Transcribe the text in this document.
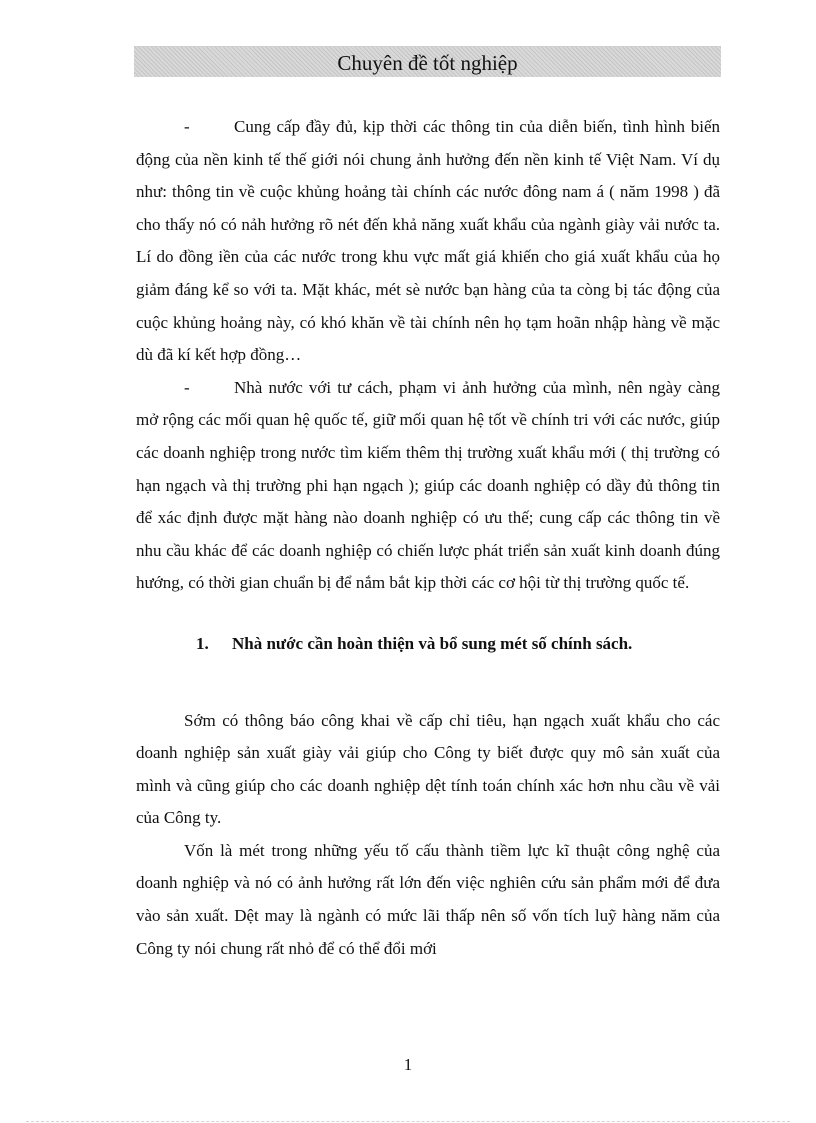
Chuyên đề tốt nghiệp

-	Cung cấp đầy đủ, kịp thời các thông tin của diễn biến, tình hình biến động của nền kinh tế thế giới nói chung ảnh hưởng đến nền kinh tế Việt Nam. Ví dụ như: thông tin về cuộc khủng hoảng tài chính các nước đông nam á ( năm 1998 ) đã cho thấy nó có nảh hưởng rõ nét đến khả năng xuất khẩu của ngành giày vải nước ta. Lí do đồng iền của các nước trong khu vực mất giá khiến cho giá xuất khẩu của họ giảm đáng kể so với ta. Mặt khác, mét sè nước bạn hàng của ta còng bị tác động của cuộc khủng hoảng này, có khó khăn về tài chính nên họ tạm hoãn nhập hàng về mặc dù đã kí kết hợp đồng…

-	Nhà nước với tư cách, phạm vi ảnh hưởng của mình, nên ngày càng mở rộng các mối quan hệ quốc tế, giữ mối quan hệ tốt về chính tri với các nước, giúp các doanh nghiệp trong nước tìm kiếm thêm thị trường xuất khẩu mới ( thị trường có hạn ngạch và thị trường phi hạn ngạch ); giúp các doanh nghiệp có dầy đủ thông tin để xác định được mặt hàng nào doanh nghiệp có ưu thế; cung cấp các thông tin về nhu cầu khác để các doanh nghiệp có chiến lược phát triển sản xuất kinh doanh đúng hướng, có thời gian chuẩn bị để nắm bắt kịp thời các cơ hội từ thị trường quốc tế.

1. Nhà nước cần hoàn thiện và bổ sung mét số chính sách.

Sớm có thông báo công khai về cấp chỉ tiêu, hạn ngạch xuất khẩu cho các doanh nghiệp sản xuất giày vải giúp cho Công ty biết được quy mô sản xuất của mình và cũng giúp cho các doanh nghiệp dệt tính toán chính xác hơn nhu cầu về vải của Công ty.

Vốn là mét trong những yếu tố cấu thành tiềm lực kĩ thuật công nghệ của doanh nghiệp và nó có ảnh hưởng rất lớn đến việc nghiên cứu sản phẩm mới để đưa vào sản xuất. Dệt may là ngành có mức lãi thấp nên số vốn tích luỹ hàng năm của Công ty nói chung rất nhỏ để có thể đổi mới

1
